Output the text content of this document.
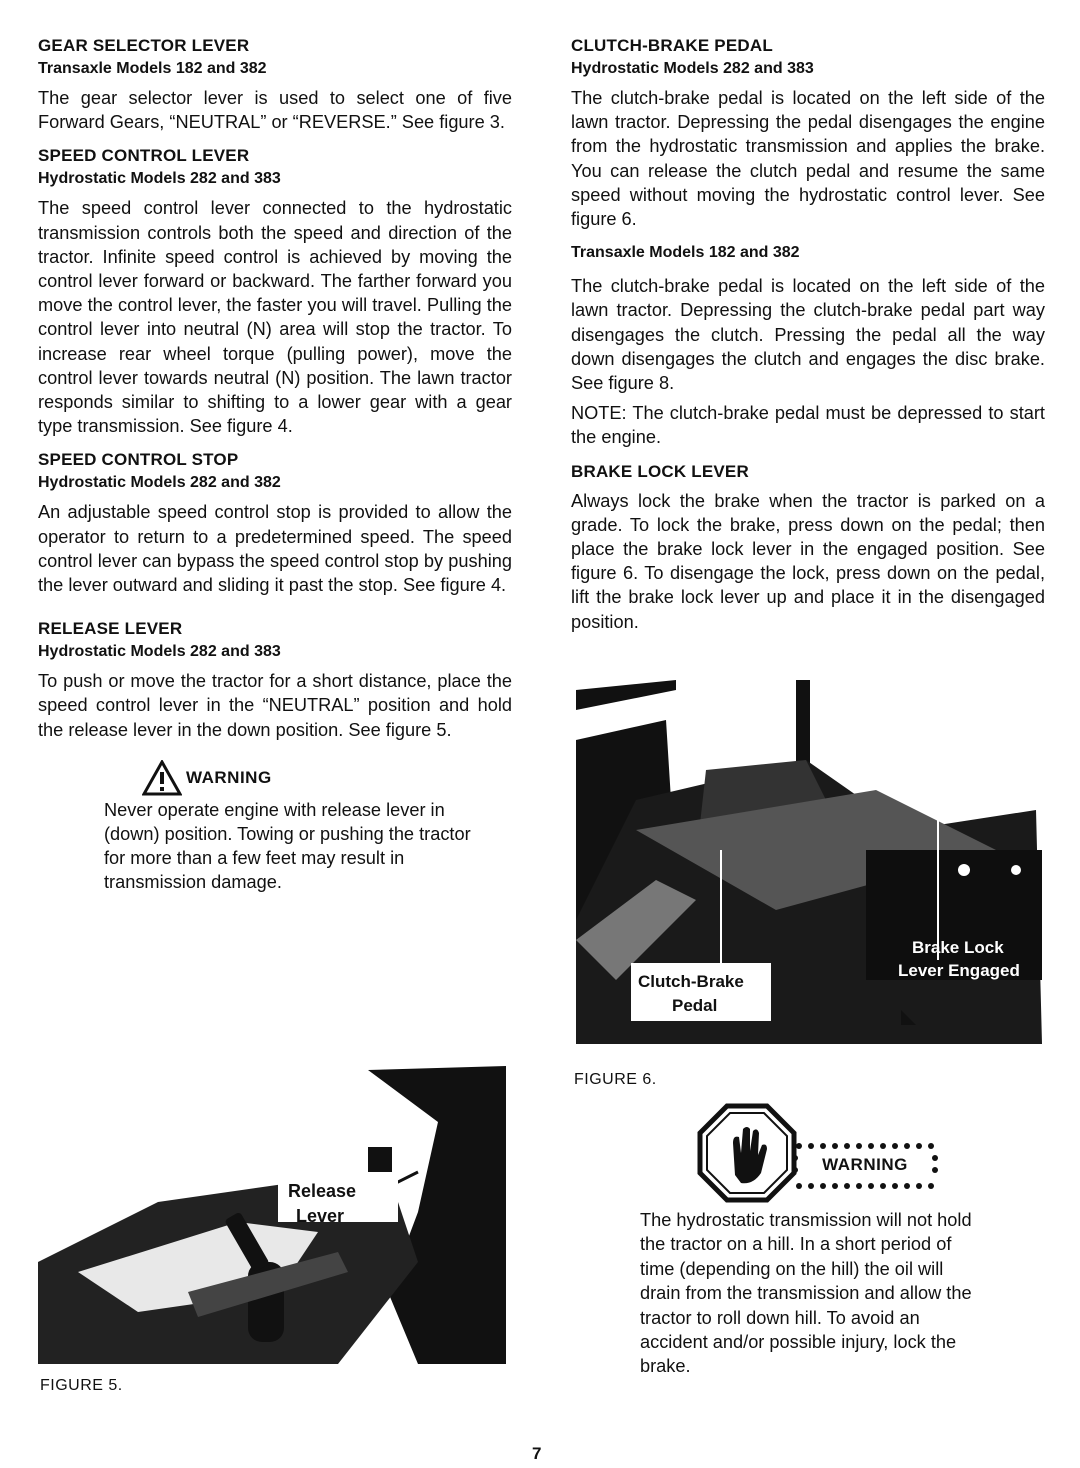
GEAR SELECTOR LEVER
Transaxle Models 182 and 382

The gear selector lever is used to select one of five Forward Gears, “NEUTRAL” or “REVERSE.” See figure 3.

SPEED CONTROL LEVER
Hydrostatic Models 282 and 383

The speed control lever connected to the hydrostatic transmission controls both the speed and direction of the tractor. Infinite speed control is achieved by moving the control lever forward or backward. The farther forward you move the control lever, the faster you will travel. Pulling the control lever into neutral (N) area will stop the tractor. To increase rear wheel torque (pulling power), move the control lever towards neutral (N) position. The lawn tractor responds similar to shifting to a lower gear with a gear type transmission. See figure 4.

SPEED CONTROL STOP
Hydrostatic Models 282 and 382

An adjustable speed control stop is provided to allow the operator to return to a predetermined speed. The speed control lever can bypass the speed control stop by pushing the lever outward and sliding it past the stop. See figure 4.

RELEASE LEVER
Hydrostatic Models 282 and 383

To push or move the tractor for a short distance, place the speed control lever in the “NEUTRAL” position and hold the release lever in the down position. See figure 5.

WARNING
Never operate engine with release lever in (down) position. Towing or pushing the tractor for more than a few feet may result in transmission damage.
Release
Lever
FIGURE 5.
CLUTCH-BRAKE PEDAL
Hydrostatic Models 282 and 383

The clutch-brake pedal is located on the left side of the lawn tractor. Depressing the pedal disengages the engine from the hydrostatic transmission and applies the brake. You can release the clutch pedal and resume the same speed without moving the hydrostatic control lever. See figure 6.

Transaxle Models 182 and 382

The clutch-brake pedal is located on the left side of the lawn tractor. Depressing the clutch-brake pedal part way disengages the clutch. Pressing the pedal all the way down disengages the clutch and engages the disc brake. See figure 8.

NOTE: The clutch-brake pedal must be depressed to start the engine.

BRAKE LOCK LEVER

Always lock the brake when the tractor is parked on a grade. To lock the brake, press down on the pedal; then place the brake lock lever in the engaged position. See figure 6. To disengage the lock, press down on the pedal, lift the brake lock lever up and place it in the disengaged position.

Clutch-Brake
Pedal
Brake Lock
Lever Engaged
FIGURE 6.
WARNING
The hydrostatic transmission will not hold the tractor on a hill. In a short period of time (depending on the hill) the oil will drain from the transmission and allow the tractor to roll down hill. To avoid an accident and/or possible injury, lock the brake.
7
